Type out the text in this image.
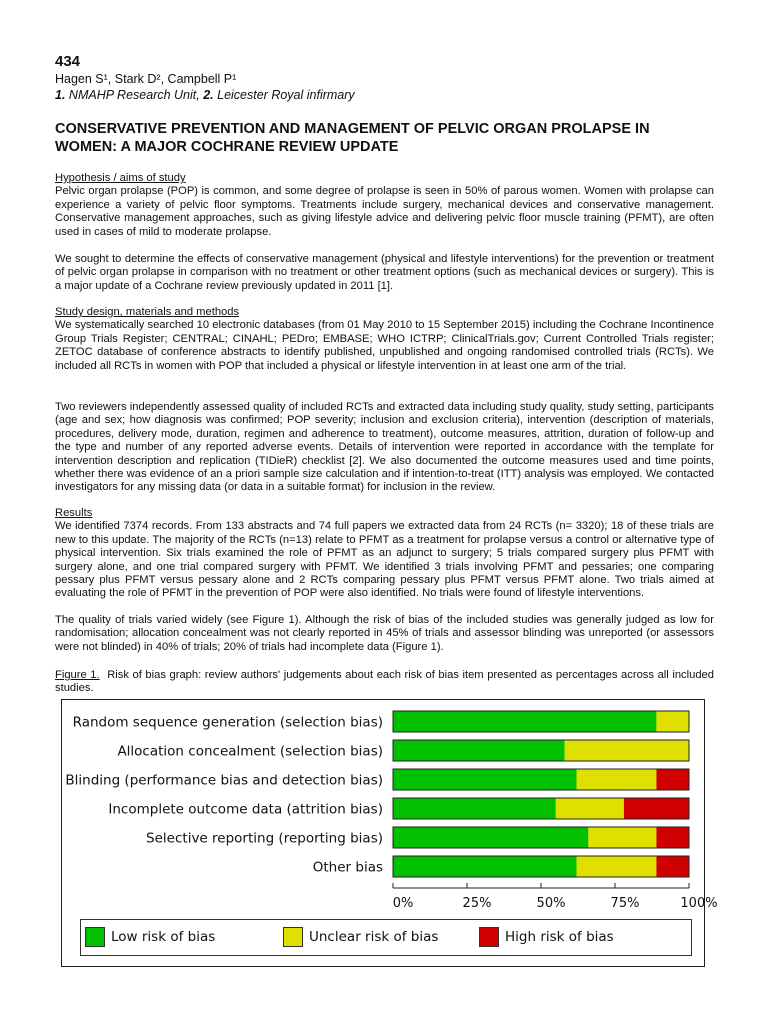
434
Hagen S¹, Stark D², Campbell P¹
1. NMAHP Research Unit, 2. Leicester Royal infirmary
CONSERVATIVE PREVENTION AND MANAGEMENT OF PELVIC ORGAN PROLAPSE IN WOMEN: A MAJOR COCHRANE REVIEW UPDATE
Hypothesis / aims of study

Pelvic organ prolapse (POP) is common, and some degree of prolapse is seen in 50% of parous women. Women with prolapse can experience a variety of pelvic floor symptoms. Treatments include surgery, mechanical devices and conservative management. Conservative management approaches, such as giving lifestyle advice and delivering pelvic floor muscle training (PFMT), are often used in cases of mild to moderate prolapse.

We sought to determine the effects of conservative management (physical and lifestyle interventions) for the prevention or treatment of pelvic organ prolapse in comparison with no treatment or other treatment options (such as mechanical devices or surgery). This is a major update of a Cochrane review previously updated in 2011 [1].

Study design, materials and methods

We systematically searched 10 electronic databases (from 01 May 2010 to 15 September 2015) including the Cochrane Incontinence Group Trials Register; CENTRAL; CINAHL; PEDro; EMBASE; WHO ICTRP; ClinicalTrials.gov; Current Controlled Trials register; ZETOC database of conference abstracts to identify published, unpublished and ongoing randomised controlled trials (RCTs). We included all RCTs in women with POP that included a physical or lifestyle intervention in at least one arm of the trial.

Two reviewers independently assessed quality of included RCTs and extracted data including study quality, study setting, participants (age and sex; how diagnosis was confirmed; POP severity; inclusion and exclusion criteria), intervention (description of materials, procedures, delivery mode, duration, regimen and adherence to treatment), outcome measures, attrition, duration of follow-up and the type and number of any reported adverse events. Details of intervention were reported in accordance with the template for intervention description and replication (TIDieR) checklist [2]. We also documented the outcome measures used and time points, whether there was evidence of an a priori sample size calculation and if intention-to-treat (ITT) analysis was employed. We contacted investigators for any missing data (or data in a suitable format) for inclusion in the review.

Results

We identified 7374 records. From 133 abstracts and 74 full papers we extracted data from 24 RCTs (n= 3320); 18 of these trials are new to this update. The majority of the RCTs (n=13) relate to PFMT as a treatment for prolapse versus a control or alternative type of physical intervention. Six trials examined the role of PFMT as an adjunct to surgery; 5 trials compared surgery plus PFMT with surgery alone, and one trial compared surgery with PFMT. We identified 3 trials involving PFMT and pessaries; one comparing pessary plus PFMT versus pessary alone and 2 RCTs comparing pessary plus PFMT versus PFMT alone. Two trials aimed at evaluating the role of PFMT in the prevention of POP were also identified. No trials were found of lifestyle interventions.

The quality of trials varied widely (see Figure 1). Although the risk of bias of the included studies was generally judged as low for randomisation; allocation concealment was not clearly reported in 45% of trials and assessor blinding was unreported (or assessors were not blinded) in 40% of trials; 20% of trials had incomplete data (Figure 1).

Figure 1. Risk of bias graph: review authors' judgements about each risk of bias item presented as percentages across all included studies.
Random sequence generation (selection bias)
Allocation concealment (selection bias)
Blinding (performance bias and detection bias)
Incomplete outcome data (attrition bias)
Selective reporting (reporting bias)
Other bias
0%	25%	50%	75%	100%
Low risk of bias	Unclear risk of bias	High risk of bias
